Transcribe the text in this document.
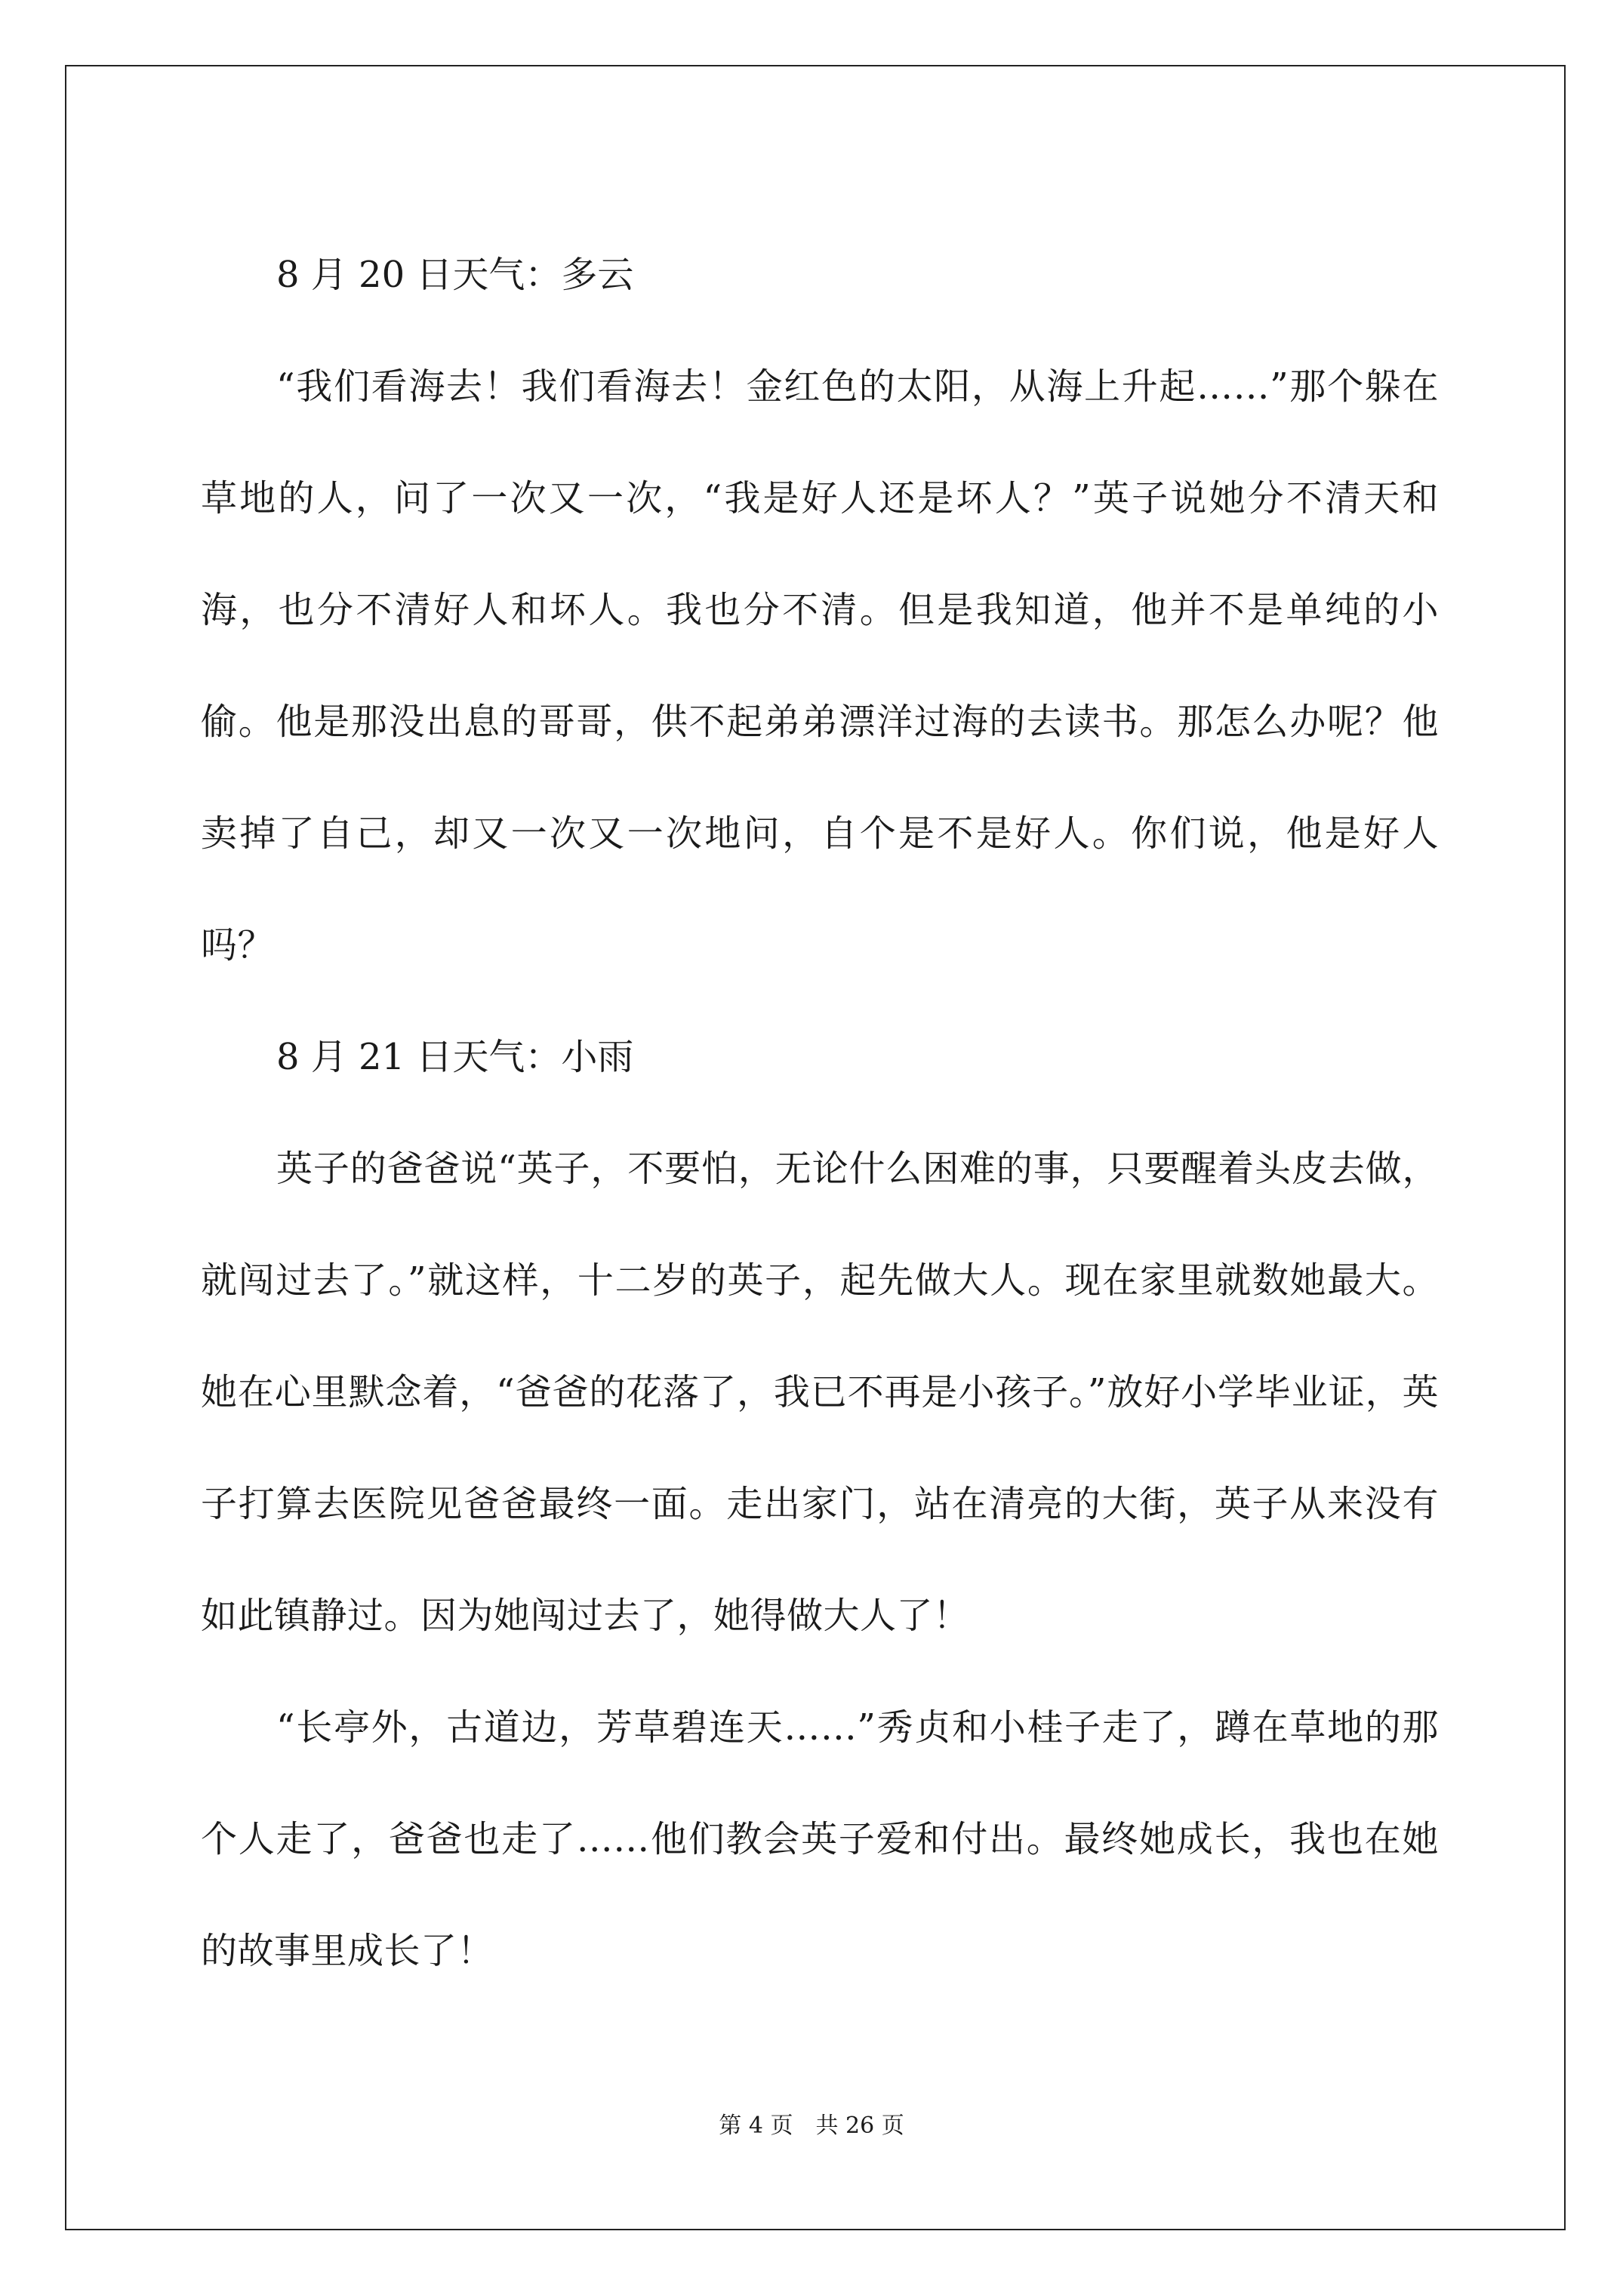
8 月 20 日天气：多云

“我们看海去！我们看海去！金红色的太阳，从海上升起……”那个躲在草地的人，问了一次又一次，“我是好人还是坏人？”英子说她分不清天和海，也分不清好人和坏人。我也分不清。但是我知道，他并不是单纯的小偷。他是那没出息的哥哥，供不起弟弟漂洋过海的去读书。那怎么办呢？他卖掉了自己，却又一次又一次地问，自个是不是好人。你们说，他是好人吗？

8 月 21 日天气：小雨

英子的爸爸说“英子，不要怕，无论什么困难的事，只要醒着头皮去做，就闯过去了。”就这样，十二岁的英子，起先做大人。现在家里就数她最大。她在心里默念着，“爸爸的花落了，我已不再是小孩子。”放好小学毕业证，英子打算去医院见爸爸最终一面。走出家门，站在清亮的大街，英子从来没有如此镇静过。因为她闯过去了，她得做大人了！

“长亭外，古道边，芳草碧连天……”秀贞和小桂子走了，蹲在草地的那个人走了，爸爸也走了……他们教会英子爱和付出。最终她成长，我也在她的故事里成长了！

第 4 页　共 26 页
